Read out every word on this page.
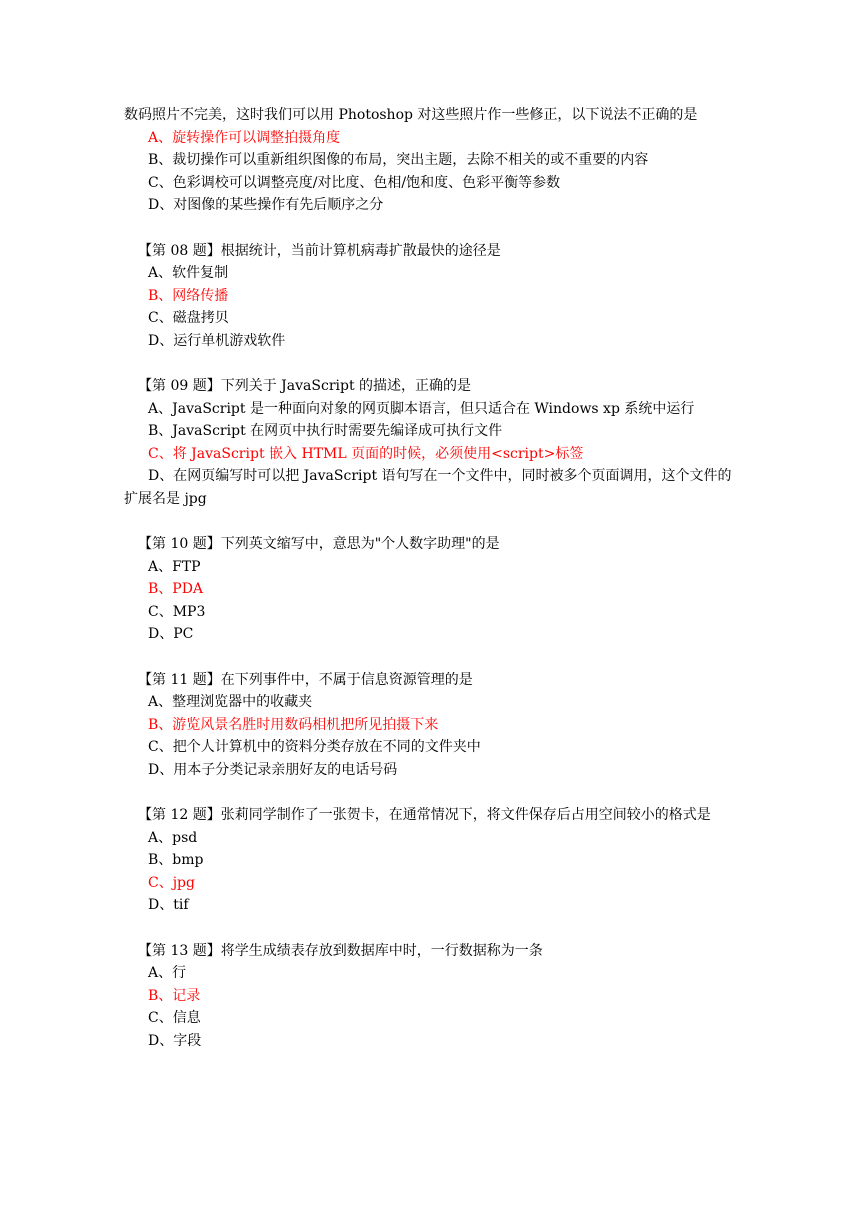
数码照片不完美，这时我们可以用 Photoshop 对这些照片作一些修正，以下说法不正确的是

A、旋转操作可以调整拍摄角度

B、裁切操作可以重新组织图像的布局，突出主题，去除不相关的或不重要的内容

C、色彩调校可以调整亮度/对比度、色相/饱和度、色彩平衡等参数

D、对图像的某些操作有先后顺序之分

【第 08 题】根据统计，当前计算机病毒扩散最快的途径是

A、软件复制

B、网络传播

C、磁盘拷贝

D、运行单机游戏软件

【第 09 题】下列关于 JavaScript 的描述，正确的是

A、JavaScript 是一种面向对象的网页脚本语言，但只适合在 Windows xp 系统中运行

B、JavaScript 在网页中执行时需要先编译成可执行文件

C、将 JavaScript 嵌入 HTML 页面的时候，必须使用<script>标签

D、在网页编写时可以把 JavaScript 语句写在一个文件中，同时被多个页面调用，这个文件的扩展名是 jpg

【第 10 题】下列英文缩写中，意思为"个人数字助理"的是

A、FTP

B、PDA

C、MP3

D、PC

【第 11 题】在下列事件中，不属于信息资源管理的是

A、整理浏览器中的收藏夹

B、游览风景名胜时用数码相机把所见拍摄下来

C、把个人计算机中的资料分类存放在不同的文件夹中

D、用本子分类记录亲朋好友的电话号码

【第 12 题】张莉同学制作了一张贺卡，在通常情况下，将文件保存后占用空间较小的格式是

A、psd

B、bmp

C、jpg

D、tif

【第 13 题】将学生成绩表存放到数据库中时，一行数据称为一条

A、行

B、记录

C、信息

D、字段
